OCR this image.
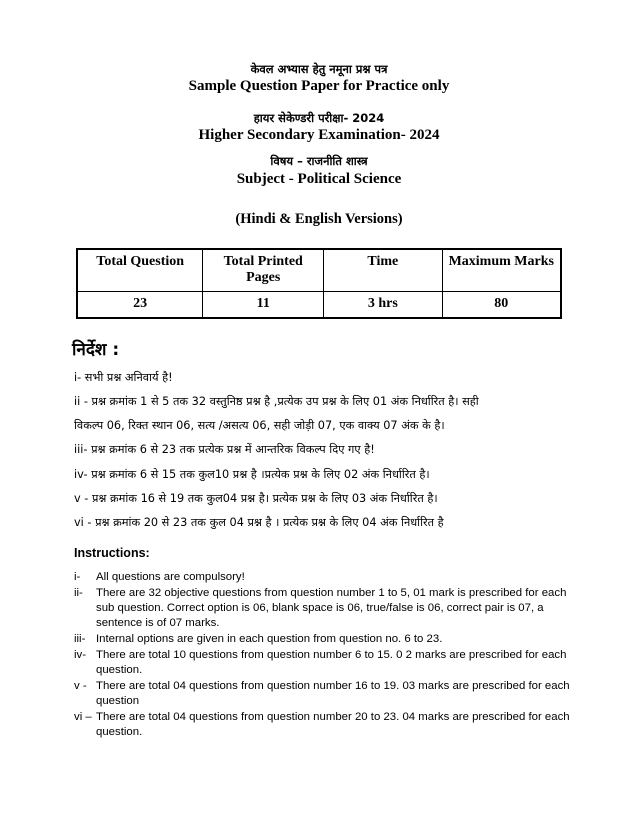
केवल अभ्यास हेतु नमूना प्रश्न पत्र
Sample Question Paper for Practice only
हायर सेकेण्डरी परीक्षा- 2024
Higher Secondary Examination- 2024
विषय – राजनीति शास्त्र
Subject - Political Science
(Hindi & English Versions)
Total Question	Total Printed Pages	Time	Maximum Marks
23	11	3 hrs	80
निर्देश :
i- सभी प्रश्न अनिवार्य है!
ii - प्रश्न क्रमांक 1 से 5 तक 32 वस्तुनिष्ठ प्रश्न है ,प्रत्येक उप प्रश्न के लिए 01 अंक निर्धारित है। सही
विकल्प 06, रिक्त स्थान 06, सत्य /असत्य 06, सही जोड़ी 07, एक वाक्य 07 अंक के है।
iii- प्रश्न क्रमांक 6 से 23 तक प्रत्येक प्रश्न में आन्तरिक विकल्प दिए गए है!
iv- प्रश्न क्रमांक 6 से 15 तक कुल10 प्रश्न है ।प्रत्येक प्रश्न के लिए 02 अंक निर्धारित है।
v - प्रश्न क्रमांक 16 से 19 तक कुल04 प्रश्न है। प्रत्येक प्रश्न के लिए 03 अंक निर्धारित है।
vi - प्रश्न क्रमांक 20 से 23 तक कुल 04 प्रश्न है । प्रत्येक प्रश्न के लिए 04 अंक निर्धारित है
Instructions:
i-	All questions are compulsory!
ii-	There are 32 objective questions from question number 1 to 5, 01 mark is prescribed for each sub question. Correct option is 06, blank space is 06, true/false is 06, correct pair is 07, a sentence is of 07 marks.
iii- Internal options are given in each question from question no. 6 to 23.
iv- There are total 10 questions from question number 6 to 15. 0 2 marks are prescribed for each question.
v - There are total 04 questions from question number 16 to 19. 03 marks are prescribed for each question
vi – There are total 04 questions from question number 20 to 23. 04 marks are prescribed for each question.
